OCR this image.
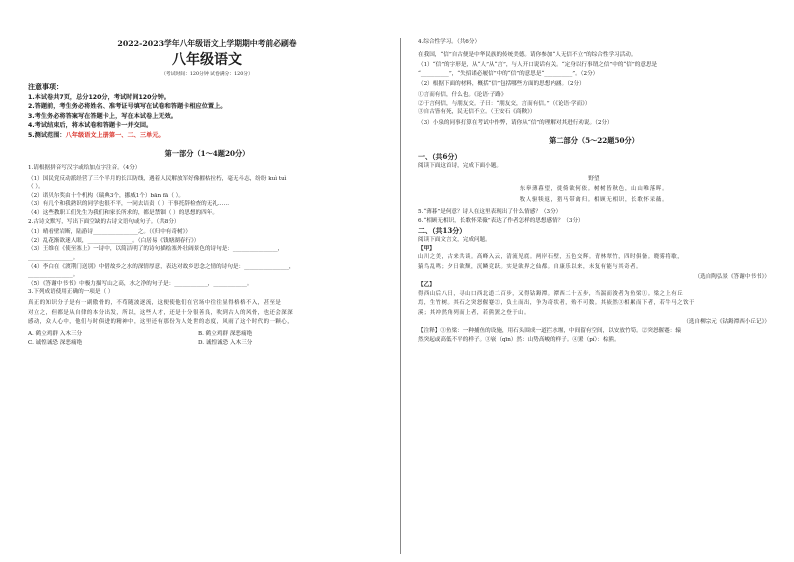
2022-2023学年八年级语文上学期期中考前必刷卷
八年级语文
（考试时间：120分钟 试卷满分：120分）
注意事项：
1.本试卷共7页，总分120分，考试时间120分钟。
2.答题前，考生务必将姓名、准考证号填写在试卷和答题卡相应位置上。
3.考生务必将答案写在答题卡上，写在本试卷上无效。
4.考试结束后，将本试卷和答题卡一并交回。
5.测试范围：八年级语文上册第一、二、三单元。
第一部分（1～4题20分）
1.请根据拼音写汉字或给加点字注音。（4分）
（1）国民党反动派经营了三个半月的长江防线，遇着人民解放军好像摧枯拉朽，毫无斗志，纷纷 kuì tuì
（ ）。
（2）诺贝尔奖由十个机构（瑞典3个，挪威1个）bān fā（ ）。
（3）有几个和我熟识的同学也很不平，一同去诘责（ ）干事托辞检查的无礼……
（4）这些教职工们先生为我们和家长所求的，都是禁锢（ ）的思想的四年。
2.古诗文默写，写出下面空缺的古诗文语句或句子。（共8分）
（1）晴看壁岩断，陆游诗________________之。（《归中有奇树》）
（2）乱花渐欲迷人眼，________________。（白居易《钱塘湖春行》）
（3）王维在《使至塞上》一诗中，以简洁明了的诗句描绘塞外壮阔景色的诗句是：________________，
________________。
（4）李白在《渡荆门送别》中借故乡之水的深情厚意，表达对故乡思念之情的诗句是：________________，
________________。
（5）《答谢中书书》中极力描写山之高，水之净的句子是：____________，____________。
3.下列成语使用正确的一项是（ ）
真正的知识分子是有一副傲骨的，不苟随波逐流，这便使他们在官场中往往显得格格不入，甚至是
对立之，但都是从自律的本分出发，所以，这些人才，还是十分很善良，吹到古人的风骨，也还会深深
感动，众人心中，他们与时俱进的精神中，这里还有那份为人处世的态度，风雨了这个时代的一颗心，
A. 鹤立鸡群 入木三分	B. 鹤立鸡群 深恶痛绝
C. 诚惶诚恐 深恶痛绝	D. 诚惶诚恐 入木三分
4.综合性学习。（共6分）
在我国，“信”自古便是中华民族的传统美德。请你参加“人无信不立”的综合性学习活动。
（1）“信”的字形是，从“人”从“言”，与人开口说话有关。“定身以行事谓之信”中的“信”的意思是
“__________”，“失招诺必履信”中的“信”的意思是“__________”。（2分）
（2）根据下面的材料，概括“信”包括哪些方面的思想内涵。（2分）
①言而有信，什么也。《论语·子路》
②于言何信，与朋友交。子曰：“朋友交，言而有信。”（《论语·学而》）
③自古皆有死，民无信不立。（王安石《商鞅》）
（3）小泉的同事打算在考试中作弊，请你从“信”的理解对其进行劝说。（2分）
第二部分（5～22题50分）
一、（共6分）
阅读下面这首诗，完成下面小题。
野望
东皋薄暮望，徙倚欲何依。树树皆秋色，山山唯落晖。
牧人驱犊返，猎马带禽归。相顾无相识，长歌怀采薇。
5.“薄暮”是何意？诗人在这里表现出了什么情感？（3分）
6.“相顾无相识，长歌怀采薇”表达了作者怎样的思想感情？（3分）
二、（共13分）
阅读下面文言文，完成问题。
【甲】
山川之美，古来共谈。高峰入云，清流见底。两岸石壁，五色交辉。青林翠竹，四时俱备。晓雾将歇，
猿鸟乱鸣；夕日欲颓，沉鳞竞跃。实是欲界之仙都。自康乐以来，未复有能与其奇者。
（选自陶弘景《答谢中书书》）
【乙】
得西山后八日，寻山口西北道二百步，又得钴鉧潭。潭西二十五步，当湍而浚者为鱼梁①。梁之上有丘
焉，生竹树。其石之突怒偃蹇②，负土而出，争为奇状者，殆不可数。其嵚然③相累而下者，若牛马之饮于
溪；其冲然角列而上者，若熊罴之登于山。
（选自柳宗元《钴鉧潭西小丘记》）
【注释】①鱼梁：一种捕鱼的设施，用石头围成一道拦水堰，中间留有空间，以安放竹笱。②突怒偃蹇：辕
然突起或高低不平的样子。③嵚（qīn）然：山势高峻的样子。④罴（pí）：棕熊。
